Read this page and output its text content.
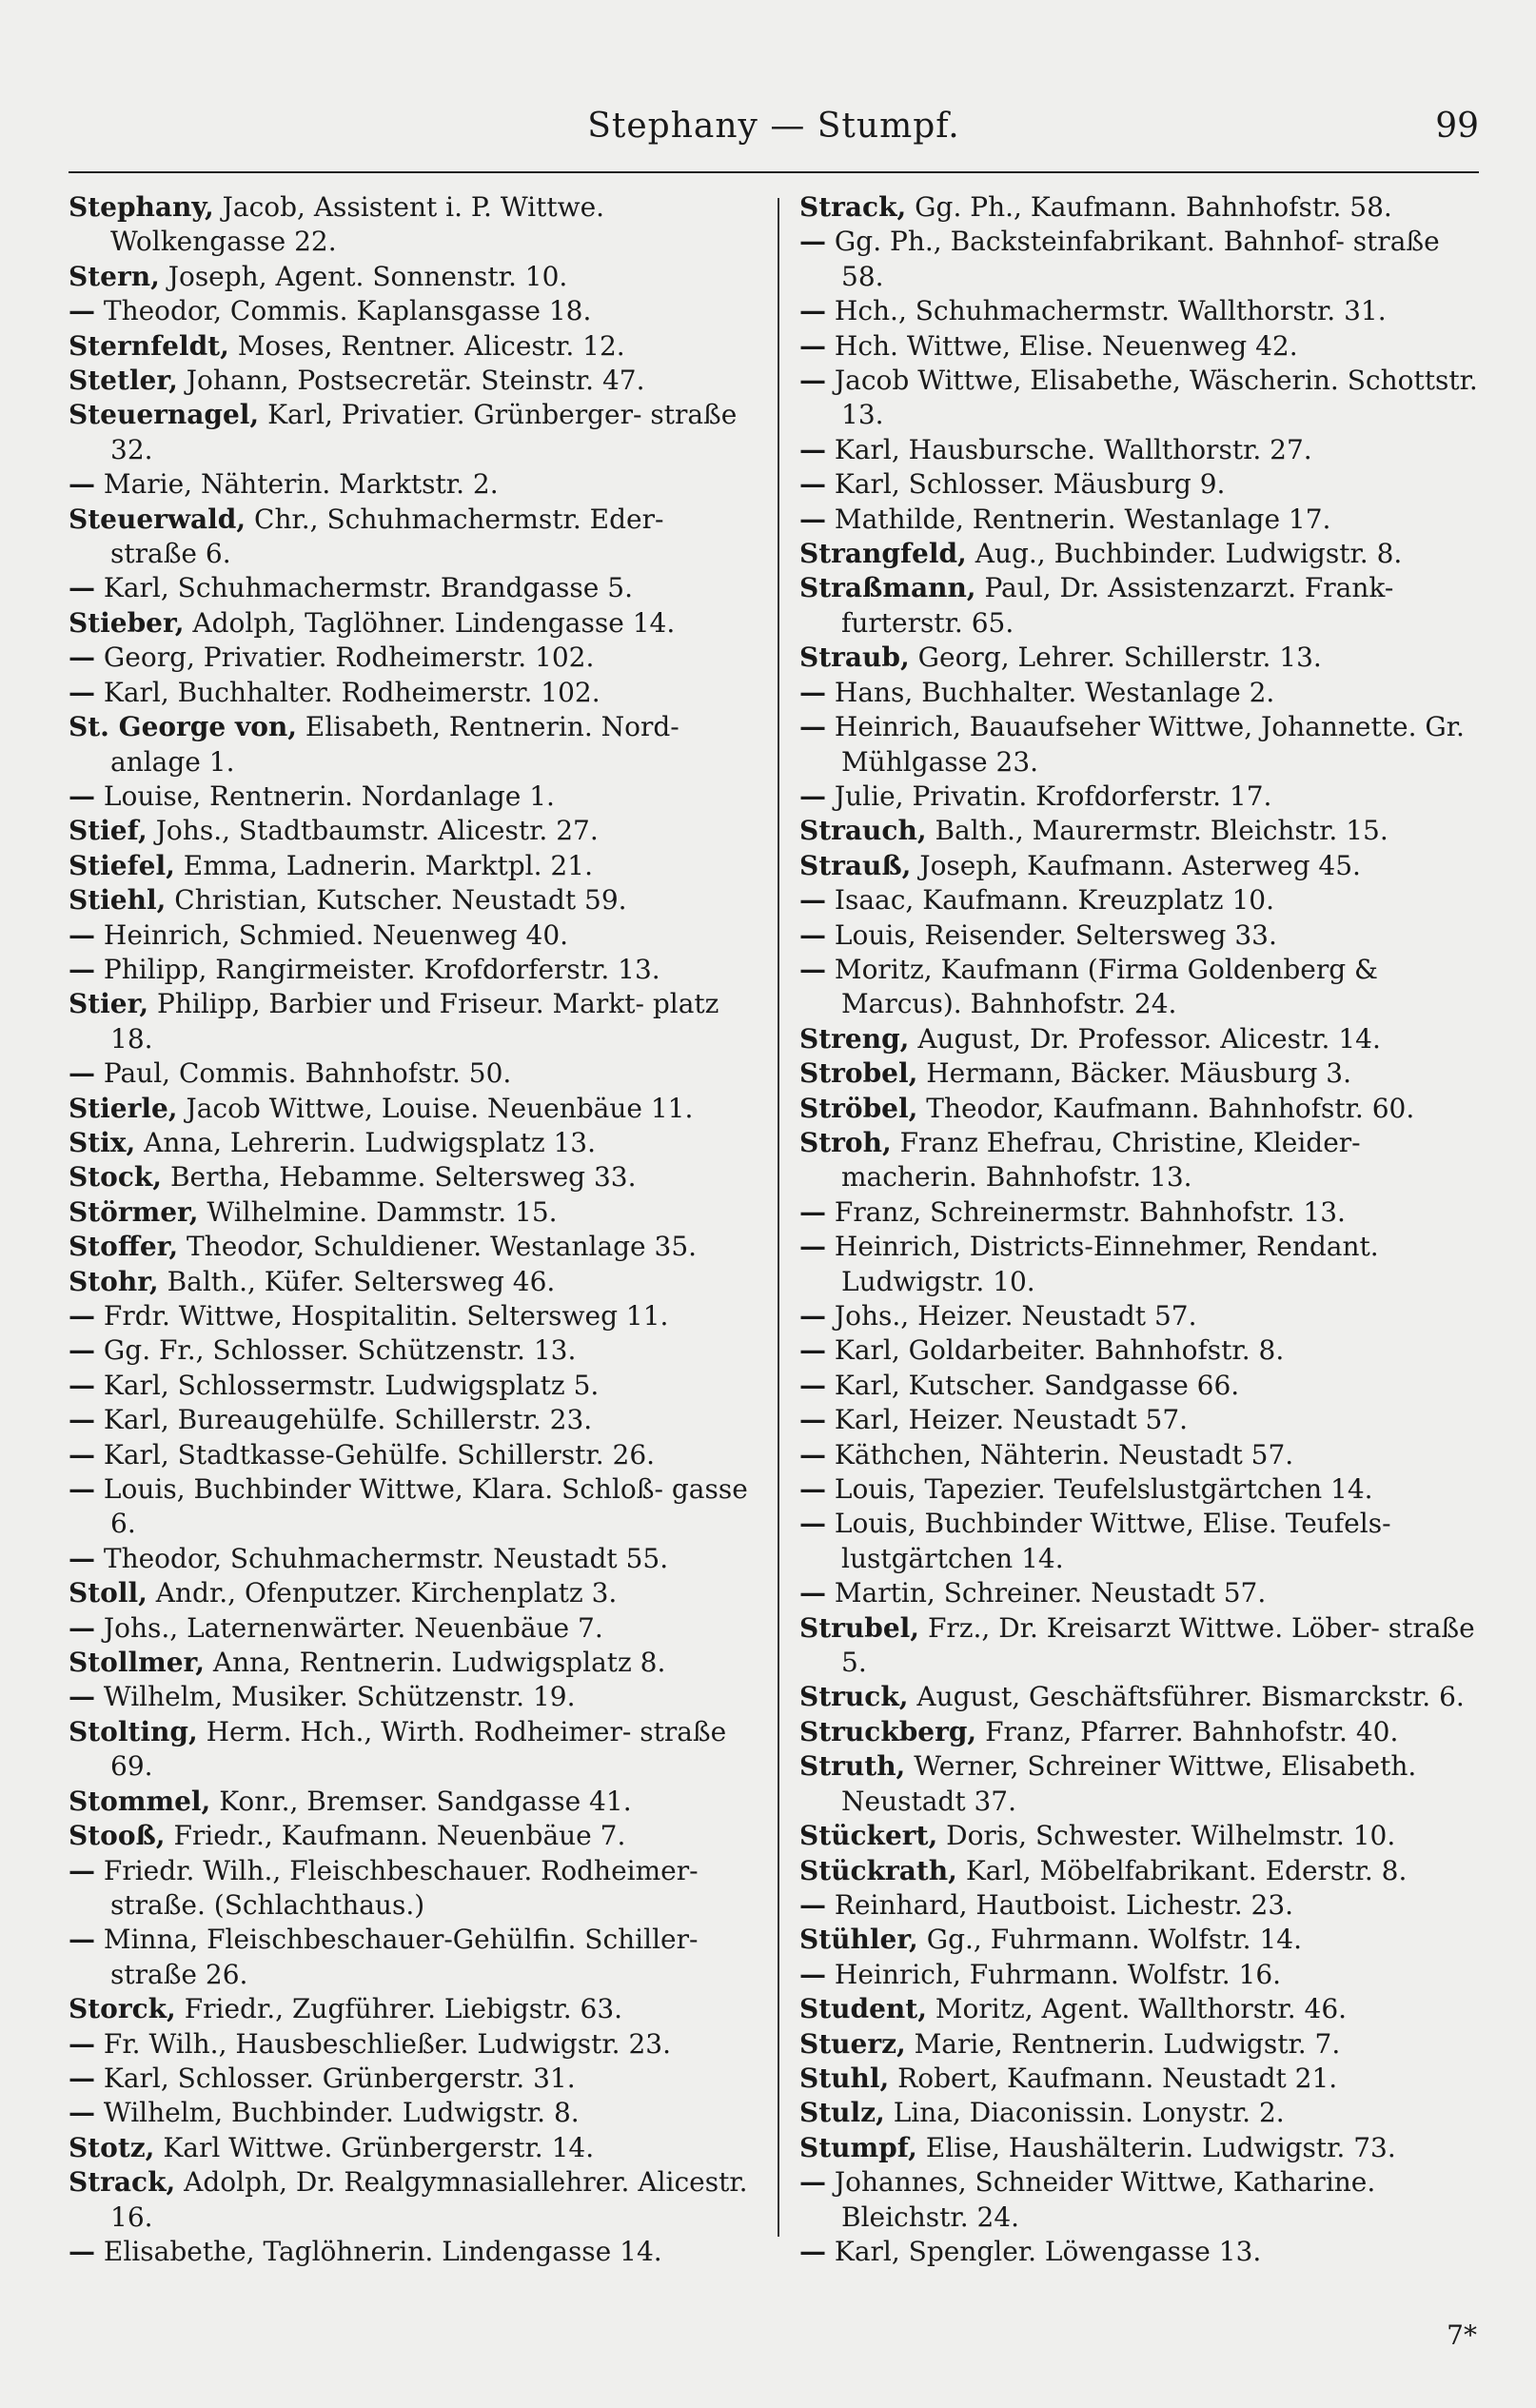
Stephany — Stumpf.	99
Stephany, Jacob, Assistent i. P. Wittwe. Wolkengasse 22.
Stern, Joseph, Agent. Sonnenstr. 10.
— Theodor, Commis. Kaplansgasse 18.
Sternfeldt, Moses, Rentner. Alicestr. 12.
Stetler, Johann, Postsecretär. Steinstr. 47.
Steuernagel, Karl, Privatier. Grünberger- straße 32.
— Marie, Nähterin. Marktstr. 2.
Steuerwald, Chr., Schuhmachermstr. Eder- straße 6.
— Karl, Schuhmachermstr. Brandgasse 5.
Stieber, Adolph, Taglöhner. Lindengasse 14.
— Georg, Privatier. Rodheimerstr. 102.
— Karl, Buchhalter. Rodheimerstr. 102.
St. George von, Elisabeth, Rentnerin. Nord- anlage 1.
— Louise, Rentnerin. Nordanlage 1.
Stief, Johs., Stadtbaumstr. Alicestr. 27.
Stiefel, Emma, Ladnerin. Marktpl. 21.
Stiehl, Christian, Kutscher. Neustadt 59.
— Heinrich, Schmied. Neuenweg 40.
— Philipp, Rangirmeister. Krofdorferstr. 13.
Stier, Philipp, Barbier und Friseur. Markt- platz 18.
— Paul, Commis. Bahnhofstr. 50.
Stierle, Jacob Wittwe, Louise. Neuenbäue 11.
Stix, Anna, Lehrerin. Ludwigsplatz 13.
Stock, Bertha, Hebamme. Seltersweg 33.
Störmer, Wilhelmine. Dammstr. 15.
Stoffer, Theodor, Schuldiener. Westanlage 35.
Stohr, Balth., Küfer. Seltersweg 46.
— Frdr. Wittwe, Hospitalitin. Seltersweg 11.
— Gg. Fr., Schlosser. Schützenstr. 13.
— Karl, Schlossermstr. Ludwigsplatz 5.
— Karl, Bureaugehülfe. Schillerstr. 23.
— Karl, Stadtkasse-Gehülfe. Schillerstr. 26.
— Louis, Buchbinder Wittwe, Klara. Schloß- gasse 6.
— Theodor, Schuhmachermstr. Neustadt 55.
Stoll, Andr., Ofenputzer. Kirchenplatz 3.
— Johs., Laternenwärter. Neuenbäue 7.
Stollmer, Anna, Rentnerin. Ludwigsplatz 8.
— Wilhelm, Musiker. Schützenstr. 19.
Stolting, Herm. Hch., Wirth. Rodheimer- straße 69.
Stommel, Konr., Bremser. Sandgasse 41.
Stooß, Friedr., Kaufmann. Neuenbäue 7.
— Friedr. Wilh., Fleischbeschauer. Rodheimer- straße. (Schlachthaus.)
— Minna, Fleischbeschauer-Gehülfin. Schiller- straße 26.
Storck, Friedr., Zugführer. Liebigstr. 63.
— Fr. Wilh., Hausbeschließer. Ludwigstr. 23.
— Karl, Schlosser. Grünbergerstr. 31.
— Wilhelm, Buchbinder. Ludwigstr. 8.
Stotz, Karl Wittwe. Grünbergerstr. 14.
Strack, Adolph, Dr. Realgymnasiallehrer. Alicestr. 16.
— Elisabethe, Taglöhnerin. Lindengasse 14.
Strack, Gg. Ph., Kaufmann. Bahnhofstr. 58.
— Gg. Ph., Backsteinfabrikant. Bahnhof- straße 58.
— Hch., Schuhmachermstr. Wallthorstr. 31.
— Hch. Wittwe, Elise. Neuenweg 42.
— Jacob Wittwe, Elisabethe, Wäscherin. Schottstr. 13.
— Karl, Hausbursche. Wallthorstr. 27.
— Karl, Schlosser. Mäusburg 9.
— Mathilde, Rentnerin. Westanlage 17.
Strangfeld, Aug., Buchbinder. Ludwigstr. 8.
Straßmann, Paul, Dr. Assistenzarzt. Frank- furterstr. 65.
Straub, Georg, Lehrer. Schillerstr. 13.
— Hans, Buchhalter. Westanlage 2.
— Heinrich, Bauaufseher Wittwe, Johannette. Gr. Mühlgasse 23.
— Julie, Privatin. Krofdorferstr. 17.
Strauch, Balth., Maurermstr. Bleichstr. 15.
Strauß, Joseph, Kaufmann. Asterweg 45.
— Isaac, Kaufmann. Kreuzplatz 10.
— Louis, Reisender. Seltersweg 33.
— Moritz, Kaufmann (Firma Goldenberg & Marcus). Bahnhofstr. 24.
Streng, August, Dr. Professor. Alicestr. 14.
Strobel, Hermann, Bäcker. Mäusburg 3.
Ströbel, Theodor, Kaufmann. Bahnhofstr. 60.
Stroh, Franz Ehefrau, Christine, Kleider- macherin. Bahnhofstr. 13.
— Franz, Schreinermstr. Bahnhofstr. 13.
— Heinrich, Districts-Einnehmer, Rendant. Ludwigstr. 10.
— Johs., Heizer. Neustadt 57.
— Karl, Goldarbeiter. Bahnhofstr. 8.
— Karl, Kutscher. Sandgasse 66.
— Karl, Heizer. Neustadt 57.
— Käthchen, Nähterin. Neustadt 57.
— Louis, Tapezier. Teufelslustgärtchen 14.
— Louis, Buchbinder Wittwe, Elise. Teufels- lustgärtchen 14.
— Martin, Schreiner. Neustadt 57.
Strubel, Frz., Dr. Kreisarzt Wittwe. Löber- straße 5.
Struck, August, Geschäftsführer. Bismarckstr. 6.
Struckberg, Franz, Pfarrer. Bahnhofstr. 40.
Struth, Werner, Schreiner Wittwe, Elisabeth. Neustadt 37.
Stückert, Doris, Schwester. Wilhelmstr. 10.
Stückrath, Karl, Möbelfabrikant. Ederstr. 8.
— Reinhard, Hautboist. Lichestr. 23.
Stühler, Gg., Fuhrmann. Wolfstr. 14.
— Heinrich, Fuhrmann. Wolfstr. 16.
Student, Moritz, Agent. Wallthorstr. 46.
Stuerz, Marie, Rentnerin. Ludwigstr. 7.
Stuhl, Robert, Kaufmann. Neustadt 21.
Stulz, Lina, Diaconissin. Lonystr. 2.
Stumpf, Elise, Haushälterin. Ludwigstr. 73.
— Johannes, Schneider Wittwe, Katharine. Bleichstr. 24.
— Karl, Spengler. Löwengasse 13.
7*
